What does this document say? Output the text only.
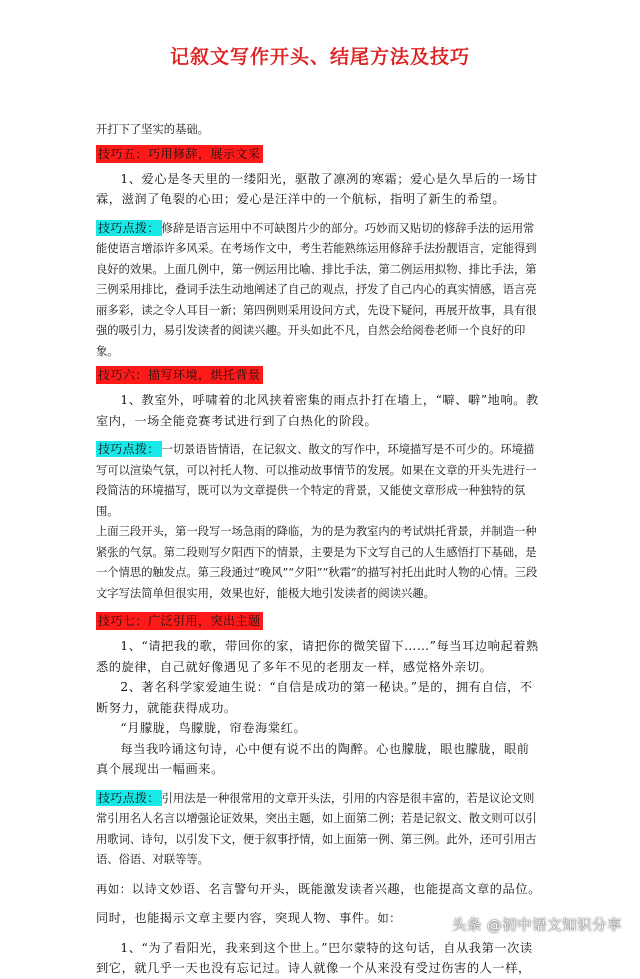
记叙文写作开头、结尾方法及技巧

开打下了坚实的基础。

技巧五：巧用修辞，展示文采

1、爱心是冬天里的一缕阳光，驱散了凛冽的寒霜；爱心是久旱后的一场甘霖，滋润了龟裂的心田；爱心是汪洋中的一个航标，指明了新生的希望。

技巧点拨： 修辞是语言运用中不可缺图片少的部分。巧妙而又贴切的修辞手法的运用常能使语言增添许多风采。在考场作文中，考生若能熟练运用修辞手法扮靓语言，定能得到良好的效果。上面几例中，第一例运用比喻、排比手法，第二例运用拟物、排比手法，第三例采用排比，叠词手法生动地阐述了自己的观点，抒发了自己内心的真实情感，语言亮丽多彩，读之令人耳目一新；第四例则采用设问方式，先设下疑问，再展开故事，具有很强的吸引力，易引发读者的阅读兴趣。开头如此不凡，自然会给阅卷老师一个良好的印象。

技巧六：描写环境，烘托背景

1、教室外，呼啸着的北风挟着密集的雨点扑打在墙上，“噼、噼”地响。教室内，一场全能竞赛考试进行到了白热化的阶段。

技巧点拨： 一切景语皆情语，在记叙文、散文的写作中，环境描写是不可少的。环境描写可以渲染气氛，可以衬托人物、可以推动故事情节的发展。如果在文章的开头先进行一段简洁的环境描写，既可以为文章提供一个特定的背景，又能使文章形成一种独特的氛围。

上面三段开头，第一段写一场急雨的降临，为的是为教室内的考试烘托背景，并制造一种紧张的气氛。第二段则写夕阳西下的情景，主要是为下文写自己的人生感悟打下基础，是一个情思的触发点。第三段通过“晚风”“夕阳”“秋霜”的描写衬托出此时人物的心情。三段文字写法简单但很实用，效果也好，能极大地引发读者的阅读兴趣。

技巧七：广泛引用，突出主题

1、“请把我的歌，带回你的家，请把你的微笑留下……”每当耳边响起着熟悉的旋律，自己就好像遇见了多年不见的老朋友一样，感觉格外亲切。

2、著名科学家爱迪生说：“自信是成功的第一秘诀。”是的，拥有自信，不断努力，就能获得成功。

“月朦胧，鸟朦胧，帘卷海棠红。

每当我吟诵这句诗，心中便有说不出的陶醉。心也朦胧，眼也朦胧，眼前真个展现出一幅画来。

技巧点拨： 引用法是一种很常用的文章开头法，引用的内容是很丰富的，若是议论文则常引用名人名言以增强论证效果，突出主题，如上面第二例；若是记叙文、散文则可以引用歌词、诗句，以引发下文，便于叙事抒情，如上面第一例、第三例。此外，还可引用古语、俗语、对联等等。

再如：以诗文妙语、名言警句开头，既能激发读者兴趣，也能提高文章的品位。

同时，也能揭示文章主要内容，突现人物、事件。如：

1、“为了看阳光，我来到这个世上。”巴尔蒙特的这句话，自从我第一次读到它，就几乎一天也没有忘记过。诗人就像一个从来没有受过伤害的人一样，

头条 @初中语文知识分享
